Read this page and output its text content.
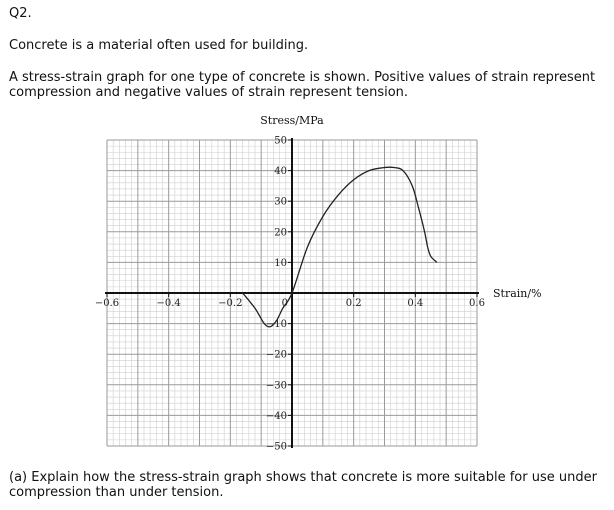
Q2.

Concrete is a material often used for building.

A stress-strain graph for one type of concrete is shown. Positive values of strain represent compression and negative values of strain represent tension.

−0.6	−0.4	−0.2	0	0.2	0.4	0.6
50
40
30
20
10
−10
−20
−30
−40
−50
Stress/MPa
Strain/%

(a) Explain how the stress-strain graph shows that concrete is more suitable for use under compression than under tension.
